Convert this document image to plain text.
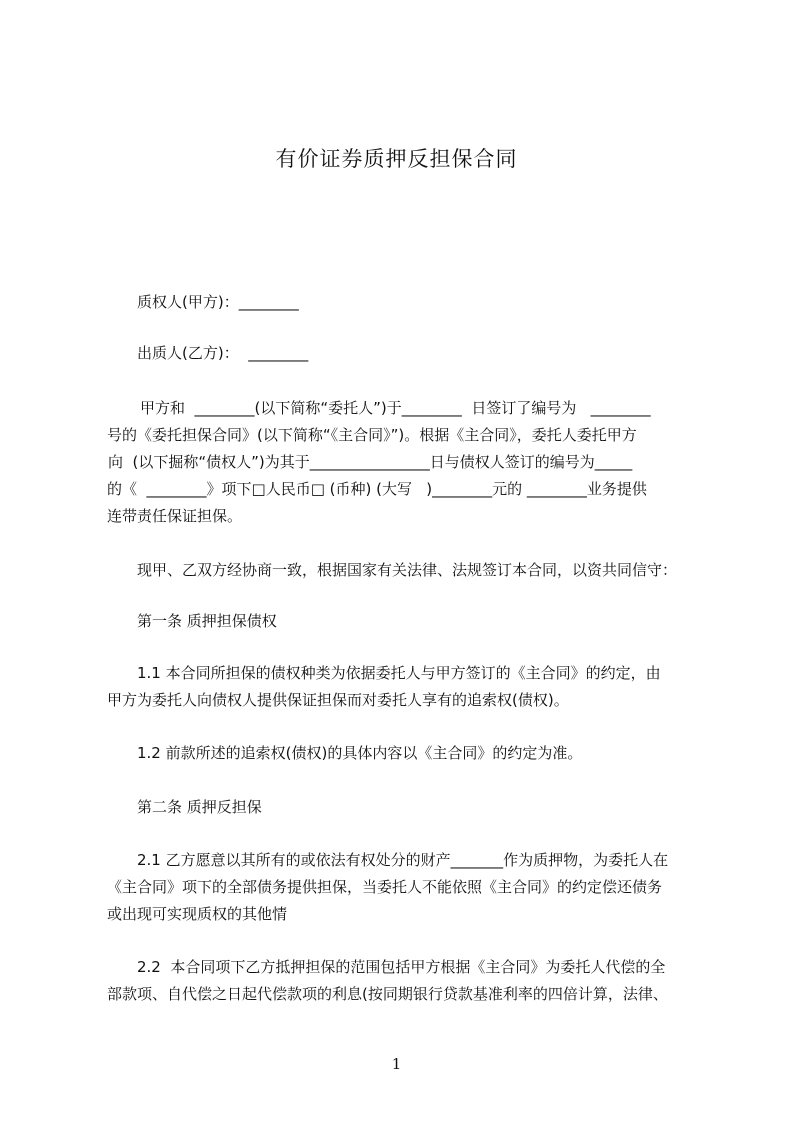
有价证券质押反担保合同
质权人(甲方)：________
出质人(乙方)：  ________
甲方和  ________(以下简称“委托人”)于________  日签订了编号为   ________
号的《委托担保合同》(以下简称“《主合同》”)。根据《主合同》，委托人委托甲方
向  (以下掘称“债权人”)为其于________________日与债权人签订的编号为_____
的《  ________》项下□人民币□ (币种) (大写   )________元的 ________业务提供
连带责任保证担保。
现甲、乙双方经协商一致，根据国家有关法律、法规签订本合同，以资共同信守：
第一条 质押担保债权
1.1 本合同所担保的债权种类为依据委托人与甲方签订的《主合同》的约定，由
甲方为委托人向债权人提供保证担保而对委托人享有的追索权(债权)。
1.2 前款所述的追索权(债权)的具体内容以《主合同》的约定为准。
第二条 质押反担保
2.1 乙方愿意以其所有的或依法有权处分的财产_______作为质押物，为委托人在
《主合同》项下的全部债务提供担保，当委托人不能依照《主合同》的约定偿还债务
或出现可实现质权的其他情
2.2  本合同项下乙方抵押担保的范围包括甲方根据《主合同》为委托人代偿的全
部款项、自代偿之日起代偿款项的利息(按同期银行贷款基准利率的四倍计算，法律、
1
